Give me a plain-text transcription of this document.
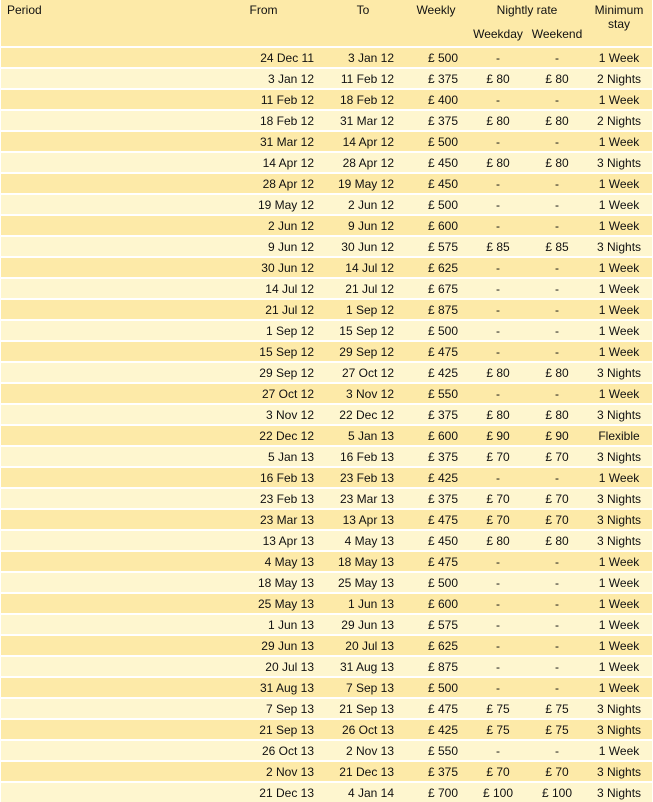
Period	From	To	Weekly	Nightly rate		Minimum stay
				Weekday	Weekend	
	24 Dec 11	3 Jan 12	£ 500	-	-	1 Week
	3 Jan 12	11 Feb 12	£ 375	£ 80	£ 80	2 Nights
	11 Feb 12	18 Feb 12	£ 400	-	-	1 Week
	18 Feb 12	31 Mar 12	£ 375	£ 80	£ 80	2 Nights
	31 Mar 12	14 Apr 12	£ 500	-	-	1 Week
	14 Apr 12	28 Apr 12	£ 450	£ 80	£ 80	3 Nights
	28 Apr 12	19 May 12	£ 450	-	-	1 Week
	19 May 12	2 Jun 12	£ 500	-	-	1 Week
	2 Jun 12	9 Jun 12	£ 600	-	-	1 Week
	9 Jun 12	30 Jun 12	£ 575	£ 85	£ 85	3 Nights
	30 Jun 12	14 Jul 12	£ 625	-	-	1 Week
	14 Jul 12	21 Jul 12	£ 675	-	-	1 Week
	21 Jul 12	1 Sep 12	£ 875	-	-	1 Week
	1 Sep 12	15 Sep 12	£ 500	-	-	1 Week
	15 Sep 12	29 Sep 12	£ 475	-	-	1 Week
	29 Sep 12	27 Oct 12	£ 425	£ 80	£ 80	3 Nights
	27 Oct 12	3 Nov 12	£ 550	-	-	1 Week
	3 Nov 12	22 Dec 12	£ 375	£ 80	£ 80	3 Nights
	22 Dec 12	5 Jan 13	£ 600	£ 90	£ 90	Flexible
	5 Jan 13	16 Feb 13	£ 375	£ 70	£ 70	3 Nights
	16 Feb 13	23 Feb 13	£ 425	-	-	1 Week
	23 Feb 13	23 Mar 13	£ 375	£ 70	£ 70	3 Nights
	23 Mar 13	13 Apr 13	£ 475	£ 70	£ 70	3 Nights
	13 Apr 13	4 May 13	£ 450	£ 80	£ 80	3 Nights
	4 May 13	18 May 13	£ 475	-	-	1 Week
	18 May 13	25 May 13	£ 500	-	-	1 Week
	25 May 13	1 Jun 13	£ 600	-	-	1 Week
	1 Jun 13	29 Jun 13	£ 575	-	-	1 Week
	29 Jun 13	20 Jul 13	£ 625	-	-	1 Week
	20 Jul 13	31 Aug 13	£ 875	-	-	1 Week
	31 Aug 13	7 Sep 13	£ 500	-	-	1 Week
	7 Sep 13	21 Sep 13	£ 475	£ 75	£ 75	3 Nights
	21 Sep 13	26 Oct 13	£ 425	£ 75	£ 75	3 Nights
	26 Oct 13	2 Nov 13	£ 550	-	-	1 Week
	2 Nov 13	21 Dec 13	£ 375	£ 70	£ 70	3 Nights
	21 Dec 13	4 Jan 14	£ 700	£ 100	£ 100	3 Nights
